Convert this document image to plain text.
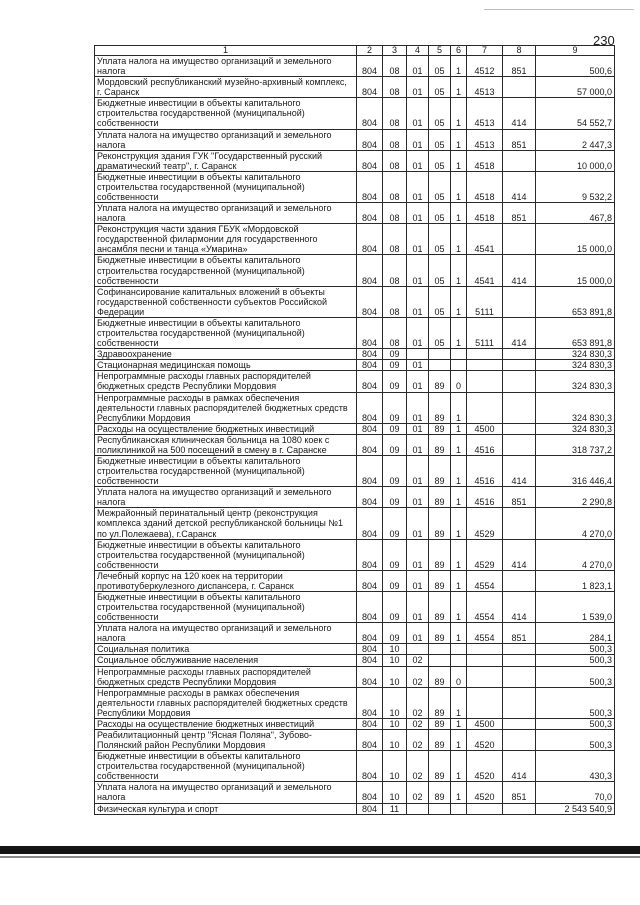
230
1	2	3	4	5	6	7	8	9
Уплата налога на имущество организаций и земельного налога	804	08	01	05	1	4512	851	500,6
Мордовский республиканский музейно-архивный комплекс, г. Саранск	804	08	01	05	1	4513		57 000,0
Бюджетные инвестиции в объекты капитального строительства государственной (муниципальной) собственности	804	08	01	05	1	4513	414	54 552,7
Уплата налога на имущество организаций и земельного налога	804	08	01	05	1	4513	851	2 447,3
Реконструкция здания ГУК "Государственный русский драматический театр", г. Саранск	804	08	01	05	1	4518		10 000,0
Бюджетные инвестиции в объекты капитального строительства государственной (муниципальной) собственности	804	08	01	05	1	4518	414	9 532,2
Уплата налога на имущество организаций и земельного налога	804	08	01	05	1	4518	851	467,8
Реконструкция части здания ГБУК «Мордовской государственной филармонии для государственного ансамбля песни и танца «Умарина»	804	08	01	05	1	4541		15 000,0
Бюджетные инвестиции в объекты капитального строительства государственной (муниципальной) собственности	804	08	01	05	1	4541	414	15 000,0
Софинансирование капитальных вложений в объекты государственной собственности субъектов Российской Федерации	804	08	01	05	1	5111		653 891,8
Бюджетные инвестиции в объекты капитального строительства государственной (муниципальной) собственности	804	08	01	05	1	5111	414	653 891,8
Здравоохранение	804	09						324 830,3
Стационарная медицинская помощь	804	09	01					324 830,3
Непрограммные расходы главных распорядителей бюджетных средств Республики Мордовия	804	09	01	89	0			324 830,3
Непрограммные расходы в рамках обеспечения деятельности главных распорядителей бюджетных средств Республики Мордовия	804	09	01	89	1			324 830,3
Расходы на осуществление бюджетных инвестиций	804	09	01	89	1	4500		324 830,3
Республиканская клиническая больница на 1080 коек с поликлиникой на 500 посещений в смену в г. Саранске	804	09	01	89	1	4516		318 737,2
Бюджетные инвестиции в объекты капитального строительства государственной (муниципальной) собственности	804	09	01	89	1	4516	414	316 446,4
Уплата налога на имущество организаций и земельного налога	804	09	01	89	1	4516	851	2 290,8
Межрайонный перинатальный центр (реконструкция комплекса зданий детской республиканской больницы №1 по ул.Полежаева), г.Саранск	804	09	01	89	1	4529		4 270,0
Бюджетные инвестиции в объекты капитального строительства государственной (муниципальной) собственности	804	09	01	89	1	4529	414	4 270,0
Лечебный корпус на 120 коек на территории противотуберкулезного диспансера, г. Саранск	804	09	01	89	1	4554		1 823,1
Бюджетные инвестиции в объекты капитального строительства государственной (муниципальной) собственности	804	09	01	89	1	4554	414	1 539,0
Уплата налога на имущество организаций и земельного налога	804	09	01	89	1	4554	851	284,1
Социальная политика	804	10						500,3
Социальное обслуживание населения	804	10	02					500,3
Непрограммные расходы главных распорядителей бюджетных средств Республики Мордовия	804	10	02	89	0			500,3
Непрограммные расходы в рамках обеспечения деятельности главных распорядителей бюджетных средств Республики Мордовия	804	10	02	89	1			500,3
Расходы на осуществление бюджетных инвестиций	804	10	02	89	1	4500		500,3
Реабилитационный центр "Ясная Поляна", Зубово-Полянский район Республики Мордовия	804	10	02	89	1	4520		500,3
Бюджетные инвестиции в объекты капитального строительства государственной (муниципальной) собственности	804	10	02	89	1	4520	414	430,3
Уплата налога на имущество организаций и земельного налога	804	10	02	89	1	4520	851	70,0
Физическая культура и спорт	804	11						2 543 540,9
